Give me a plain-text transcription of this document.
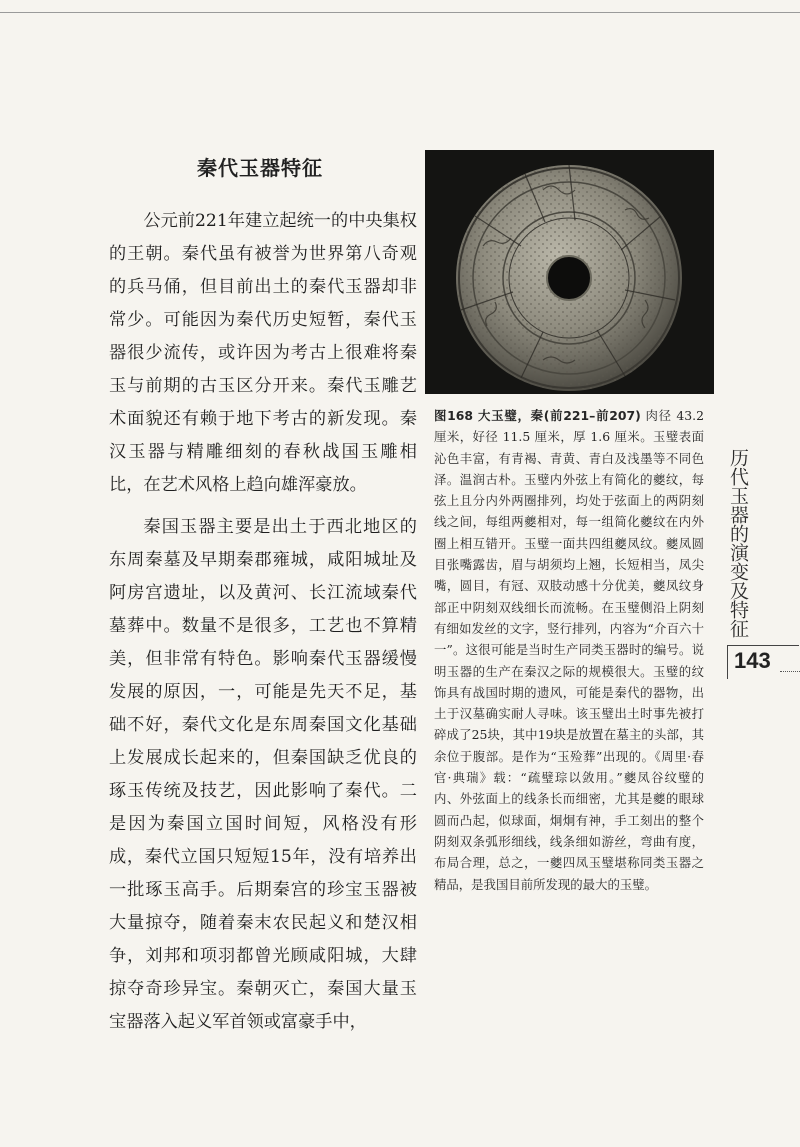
秦代玉器特征

公元前221年建立起统一的中央集权的王朝。秦代虽有被誉为世界第八奇观的兵马俑，但目前出土的秦代玉器却非常少。可能因为秦代历史短暂，秦代玉器很少流传，或许因为考古上很难将秦玉与前期的古玉区分开来。秦代玉雕艺术面貌还有赖于地下考古的新发现。秦汉玉器与精雕细刻的春秋战国玉雕相比，在艺术风格上趋向雄浑豪放。

秦国玉器主要是出土于西北地区的东周秦墓及早期秦郡雍城，咸阳城址及阿房宫遗址，以及黄河、长江流域秦代墓葬中。数量不是很多，工艺也不算精美，但非常有特色。影响秦代玉器缓慢发展的原因，一，可能是先天不足，基础不好，秦代文化是东周秦国文化基础上发展成长起来的，但秦国缺乏优良的琢玉传统及技艺，因此影响了秦代。二是因为秦国立国时间短，风格没有形成，秦代立国只短短15年，没有培养出一批琢玉高手。后期秦宫的珍宝玉器被大量掠夺，随着秦末农民起义和楚汉相争，刘邦和项羽都曾光顾咸阳城，大肆掠夺奇珍异宝。秦朝灭亡，秦国大量玉宝器落入起义军首领或富豪手中，

图168 大玉璧，秦(前221–前207) 肉径 43.2 厘米，好径 11.5 厘米，厚 1.6 厘米。玉璧表面沁色丰富，有青褐、青黄、青白及浅墨等不同色泽。温润古朴。玉璧内外弦上有简化的夔纹，每弦上且分内外两圈排列，均处于弦面上的两阴刻线之间，每组两夔相对，每一组简化夔纹在内外圈上相互错开。玉璧一面共四组夔凤纹。夔凤圆目张嘴露齿，眉与胡须均上翘，长短相当，凤尖嘴，圆目，有冠、双肢动感十分优美，夔凤纹身部正中阴刻双线细长而流畅。在玉璧侧沿上阴刻有细如发丝的文字，竖行排列，内容为“介百六十一”。这很可能是当时生产同类玉器时的编号。说明玉器的生产在秦汉之际的规模很大。玉璧的纹饰具有战国时期的遗风，可能是秦代的器物，出土于汉墓确实耐人寻味。该玉璧出土时事先被打碎成了25块，其中19块是放置在墓主的头部，其余位于腹部。是作为“玉殓葬”出现的。《周里·春官·典瑞》载：“疏璧琮以敛用。”夔凤谷纹璧的内、外弦面上的线条长而细密，尤其是夔的眼球圆而凸起，似球面，炯炯有神，手工刻出的整个阴刻双条弧形细线，线条细如游丝，弯曲有度，布局合理，总之，一夔四凤玉璧堪称同类玉器之精品，是我国目前所发现的最大的玉璧。
历代玉器的演变及特征
143
